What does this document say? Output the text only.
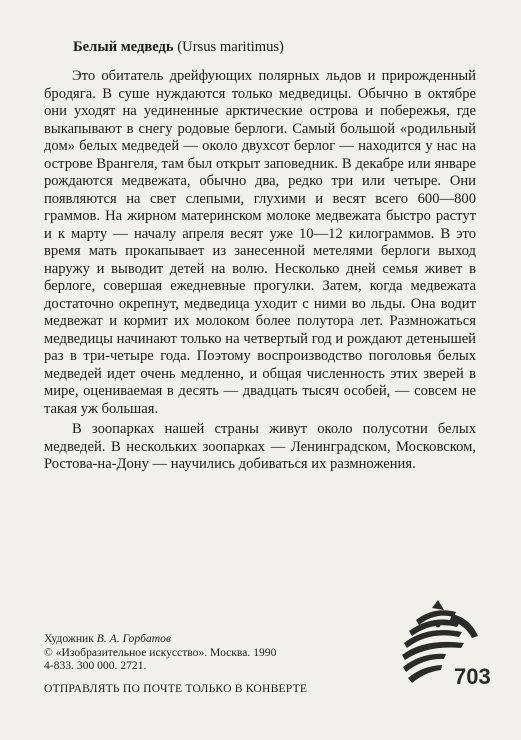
Белый медведь (Ursus maritimus)

Это обитатель дрейфующих полярных льдов и прирожденный бродяга. В суше нуждаются только медведицы. Обычно в октябре они уходят на уединенные арктические острова и побережья, где выкапывают в снегу родовые берлоги. Самый большой «родильный дом» белых медведей — около двухсот берлог — находится у нас на острове Врангеля, там был открыт заповедник. В декабре или январе рождаются медвежата, обычно два, редко три или четыре. Они появляются на свет слепыми, глухими и весят всего 600—800 граммов. На жирном материнском молоке медвежата быстро растут и к марту — началу апреля весят уже 10—12 килограммов. В это время мать прокапывает из занесенной метелями берлоги выход наружу и выводит детей на волю. Несколько дней семья живет в берлоге, совершая ежедневные прогулки. Затем, когда медвежата достаточно окрепнут, медведица уходит с ними во льды. Она водит медвежат и кормит их молоком более полутора лет. Размножаться медведицы начинают только на четвертый год и рождают детенышей раз в три-четыре года. Поэтому воспроизводство поголовья белых медведей идет очень медленно, и общая численность этих зверей в мире, оцениваемая в десять — двадцать тысяч особей, — совсем не такая уж большая.

В зоопарках нашей страны живут около полусотни белых медведей. В нескольких зоопарках — Ленинградском, Московском, Ростова-на-Дону — научились добиваться их размножения.

Художник В. А. Горбатов
© «Изобразительное искусство». Москва. 1990
4-833. 300 000. 2721.
ОТПРАВЛЯТЬ ПО ПОЧТЕ ТОЛЬКО В КОНВЕРТЕ	703
